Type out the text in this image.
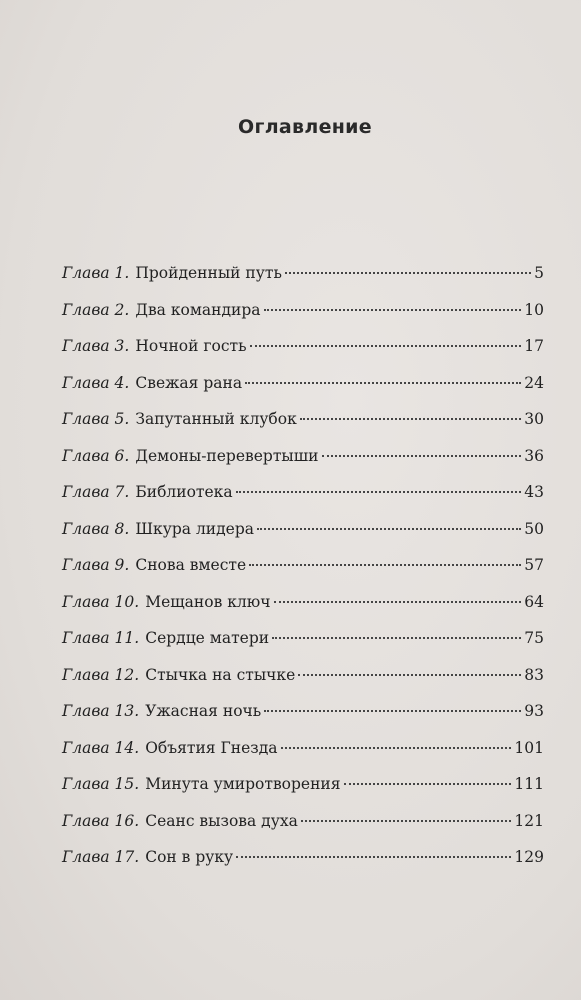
Оглавление
Глава 1. Пройденный путь	5
Глава 2. Два командира	10
Глава 3. Ночной гость	17
Глава 4. Свежая рана	24
Глава 5. Запутанный клубок	30
Глава 6. Демоны-перевертыши	36
Глава 7. Библиотека	43
Глава 8. Шкура лидера	50
Глава 9. Снова вместе	57
Глава 10. Мещанов ключ	64
Глава 11. Сердце матери	75
Глава 12. Стычка на стычке	83
Глава 13. Ужасная ночь	93
Глава 14. Объятия Гнезда	101
Глава 15. Минута умиротворения	111
Глава 16. Сеанс вызова духа	121
Глава 17. Сон в руку	129
